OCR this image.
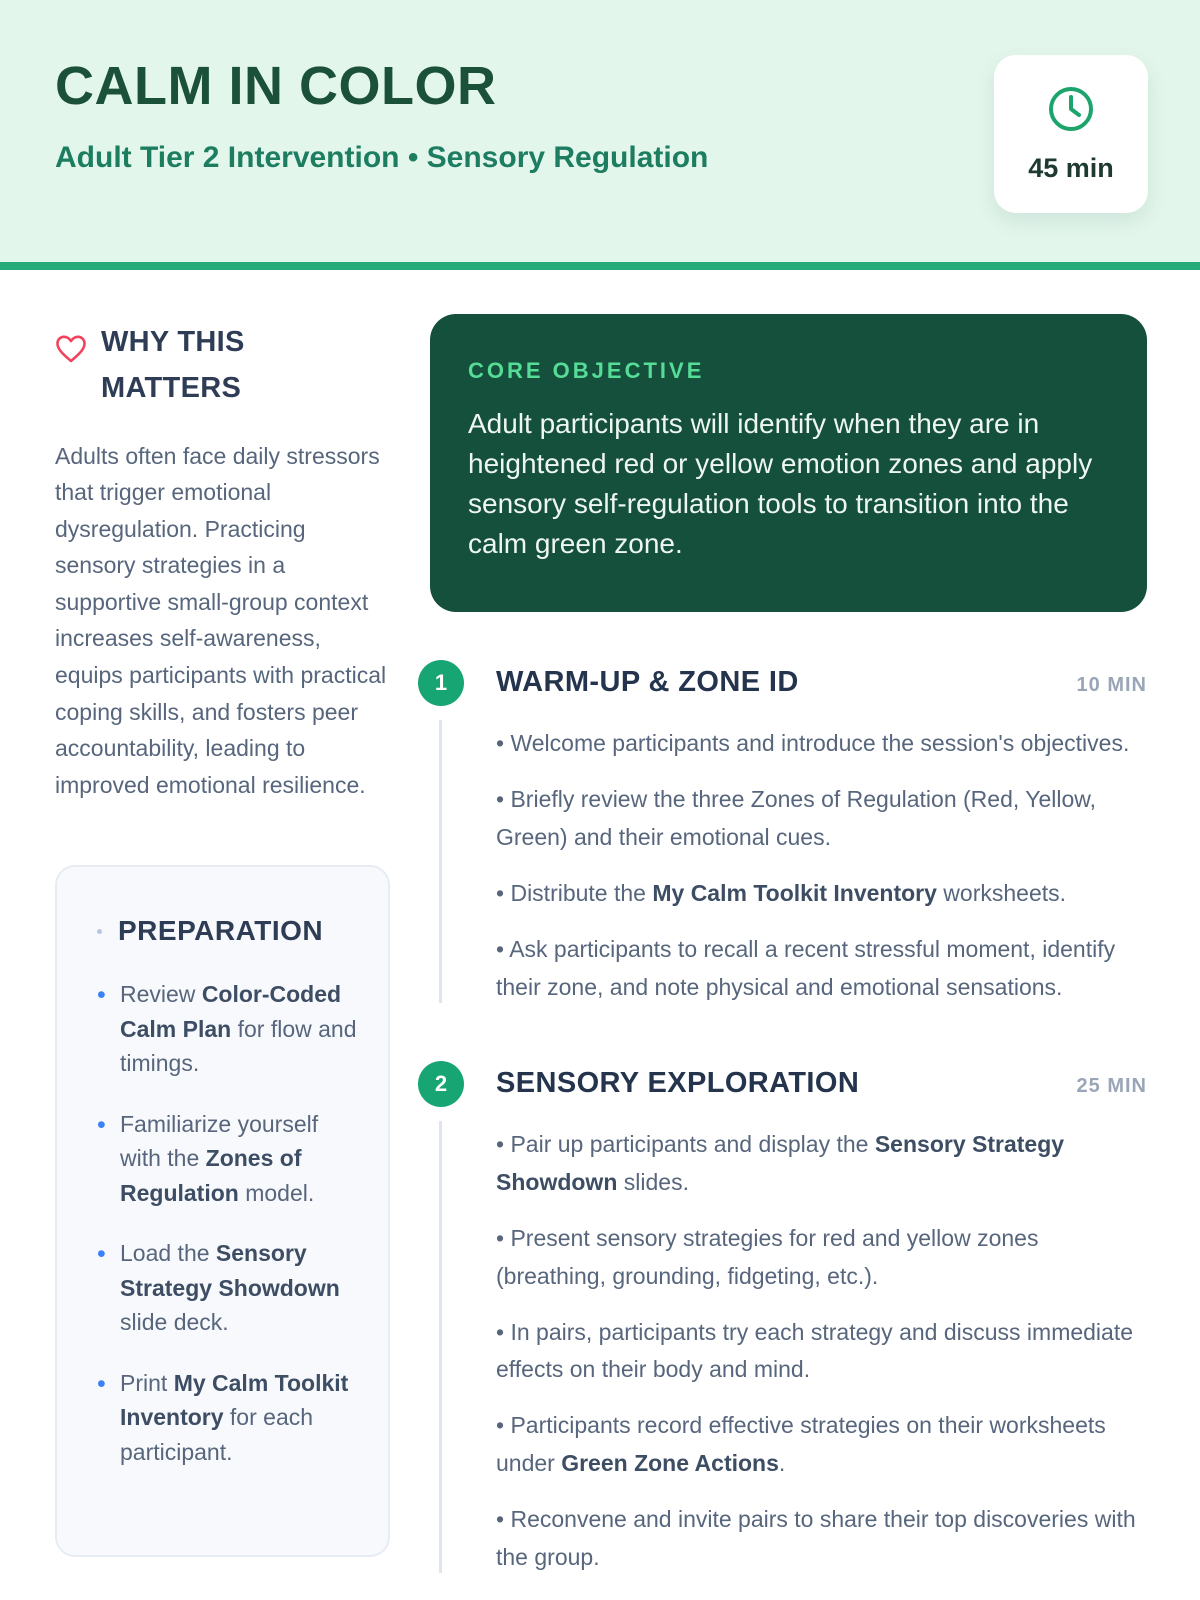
CALM IN COLOR
Adult Tier 2 Intervention • Sensory Regulation	45 min
WHY THIS MATTERS

Adults often face daily stressors that trigger emotional dysregulation. Practicing sensory strategies in a supportive small-group context increases self-awareness, equips participants with practical coping skills, and fosters peer accountability, leading to improved emotional resilience.

PREPARATION
• Review Color-Coded Calm Plan for flow and timings.
• Familiarize yourself with the Zones of Regulation model.
• Load the Sensory Strategy Showdown slide deck.
• Print My Calm Toolkit Inventory for each participant.
CORE OBJECTIVE
Adult participants will identify when they are in heightened red or yellow emotion zones and apply sensory self-regulation tools to transition into the calm green zone.
1	WARM-UP & ZONE ID	10 MIN

• Welcome participants and introduce the session's objectives.

• Briefly review the three Zones of Regulation (Red, Yellow, Green) and their emotional cues.

• Distribute the My Calm Toolkit Inventory worksheets.

• Ask participants to recall a recent stressful moment, identify their zone, and note physical and emotional sensations.

2	SENSORY EXPLORATION	25 MIN

• Pair up participants and display the Sensory Strategy Showdown slides.

• Present sensory strategies for red and yellow zones (breathing, grounding, fidgeting, etc.).

• In pairs, participants try each strategy and discuss immediate effects on their body and mind.

• Participants record effective strategies on their worksheets under Green Zone Actions.

• Reconvene and invite pairs to share their top discoveries with the group.
